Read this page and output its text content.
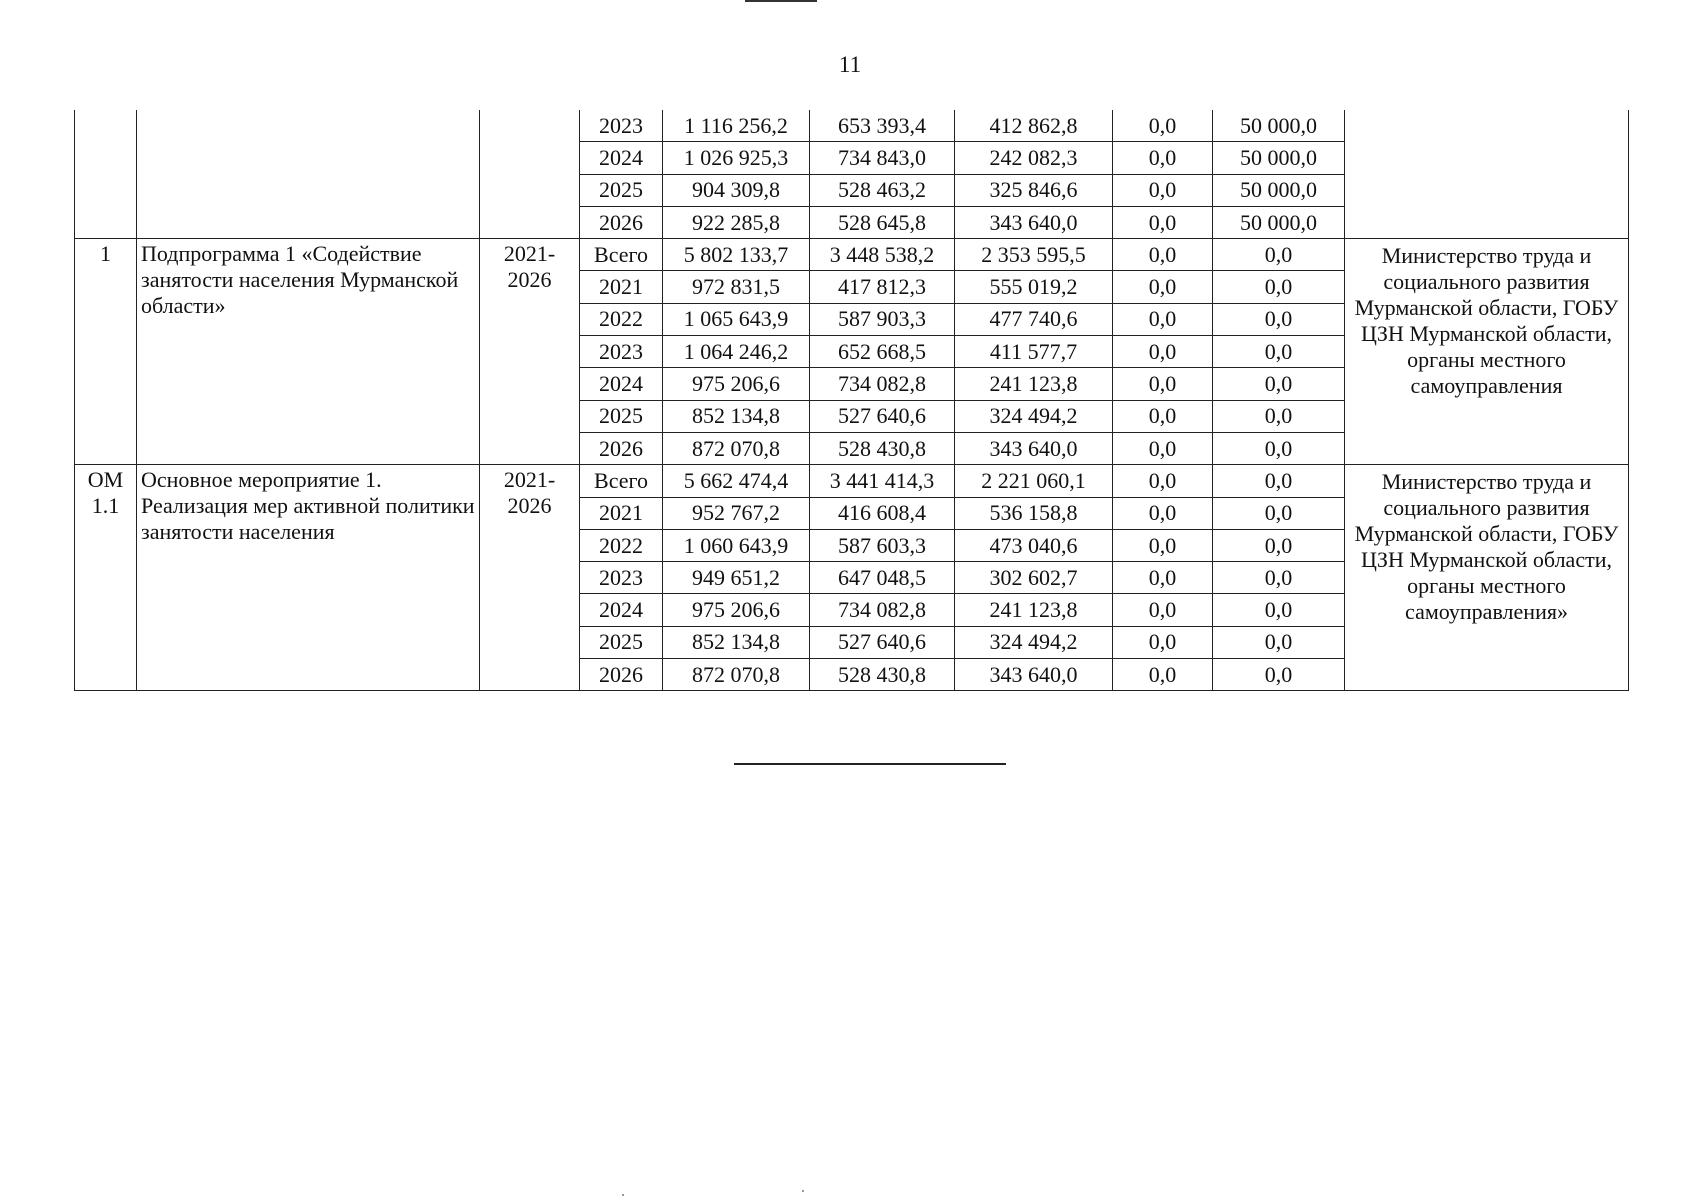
11
			2023	1 116 256,2	653 393,4	412 862,8	0,0	50 000,0	
			2024	1 026 925,3	734 843,0	242 082,3	0,0	50 000,0	
			2025	904 309,8	528 463,2	325 846,6	0,0	50 000,0	
			2026	922 285,8	528 645,8	343 640,0	0,0	50 000,0	
1	Подпрограмма 1 «Содействие занятости населения Мурманской области»	2021-2026	Всего	5 802 133,7	3 448 538,2	2 353 595,5	0,0	0,0	Министерство труда и социального развития Мурманской области, ГОБУ ЦЗН Мурманской области, органы местного самоуправления
			2021	972 831,5	417 812,3	555 019,2	0,0	0,0	
			2022	1 065 643,9	587 903,3	477 740,6	0,0	0,0	
			2023	1 064 246,2	652 668,5	411 577,7	0,0	0,0	
			2024	975 206,6	734 082,8	241 123,8	0,0	0,0	
			2025	852 134,8	527 640,6	324 494,2	0,0	0,0	
			2026	872 070,8	528 430,8	343 640,0	0,0	0,0	
ОМ 1.1	Основное мероприятие 1. Реализация мер активной политики занятости населения	2021-2026	Всего	5 662 474,4	3 441 414,3	2 221 060,1	0,0	0,0	Министерство труда и социального развития Мурманской области, ГОБУ ЦЗН Мурманской области, органы местного самоуправления»
			2021	952 767,2	416 608,4	536 158,8	0,0	0,0	
			2022	1 060 643,9	587 603,3	473 040,6	0,0	0,0	
			2023	949 651,2	647 048,5	302 602,7	0,0	0,0	
			2024	975 206,6	734 082,8	241 123,8	0,0	0,0	
			2025	852 134,8	527 640,6	324 494,2	0,0	0,0	
			2026	872 070,8	528 430,8	343 640,0	0,0	0,0	
